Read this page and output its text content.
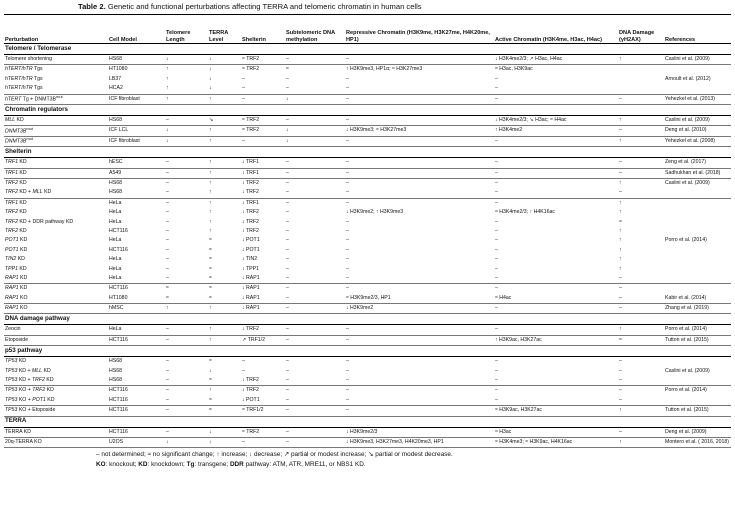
Table 2. Genetic and functional perturbations affecting TERRA and telomeric chromatin in human cells
Perturbation	Cell Model	Telomere Length	TERRA Level	Shelterin	Subtelomeric DNA methylation	Repressive Chromatin (H3K9me, H3K27me, H4K20me, HP1)	Active Chromatin (H3K4me, H3ac, H4ac)	DNA Damage (γH2AX)	References
Telomere / Telomerase									
Telomere shortening	HS68	↓	↓	≈ TRF2	–	–	↓ H3K4me2/3; ↗ H3ac, H4ac	↑	Caslini et al. (2009)
hTERT/hTR Tgs	HT1080	↑	↓	≈ TRF2	≈	↑ H3K9me3, HP1α; ≈ H3K27me3	≈ H3ac, H3K9ac		
hTERT/hTR Tgs	LB37	↑	↓	–	–	–	–		Arnoult et al. (2012)
hTERT/hTR Tgs	HCA2	↑	↓	–	–	–	–		
hTERT $Tg + DNMT3B^{mut}$	ICF fibroblast	↑	↑	–	↓	–	–	–	Yehezkel et al. (2013)
Chromatin regulators									
MLL KD	HS68	–	↘	≈ TRF2	–	–	↓ H3K4me2/3; ↘ H3ac; ≈ H4ac	↑	Caslini et al. (2009)
$DNMT3B^{mut}$	ICF LCL	↓	↑	≈ TRF2	↓	↓ H3K9me3; ≈ H3K27me3	↑ H3K4me2	–	Deng et al. (2010)
$DNMT3B^{mut}$	ICF fibroblast	↓	↑	–	↓	–	–	↑	Yehezkel et al. (2008)
Shelterin									
TRF1 KD	hESC	–	↑	↓ TRF1	–	–	–	–	Zeng et al. (2017)
TRF1 KD	A549	–	↑	↓ TRF1	–	–	–	–	Sadhukhan et al. (2018)
TRF2 KD	HS68	–	↑	↓ TRF2	–	–	–	↑	Caslini et al. (2009)
TRF2 KD + MLL KD	HS68	–	↑	↓ TRF2	–	–	–	–	
TRF1 KD	HeLa	–	↑	↓ TRF1	–	–	–	↑	
TRF2 KD	HeLa	–	↑	↓ TRF2	–	↓ H3K9me2; ↑ H3K9me3	≈ H3K4me2/3; ↑ H4K16ac	↑	
TRF2 KD + DDR pathway KD	HeLa	–	↑	↓ TRF2	–	–	–	≈	
TRF2 KD	HCT116	–	↑	↓ TRF2	–	–	–	↑	
POT1 KD	HeLa	–	≈	↓ POT1	–	–	–	↑	Porro et al. (2014)
POT1 KD	HCT116	–	≈	↓ POT1	–	–	–	↑	
TIN2 KD	HeLa	–	≈	↓ TIN2	–	–	–	↑	
TPP1 KD	HeLa	–	≈	↓ TPP1	–	–	–	↑	
RAP1 KD	HeLa	–	≈	↓ RAP1	–	–	–	–	
RAP1 KD	HCT116	≈	≈	↓ RAP1	–	–	–	–	
RAP1 KO	HT1080	≈	≈	↓ RAP1	–	≈ H3K9me2/3, HP1	≈ H4ac	–	Kabir et al. (2014)
RAP1 KO	hMSC	↑	↑	↓ RAP1	–	↓ H3K9me2	–	–	Zhang et al. (2019)
DNA damage pathway									
Zeocin	HeLa	–	↑	↓ TRF2	–	–	–	↑	Porro et al. (2014)
Etoposide	HCT116	–	↑	↗ TRF1/2	–	–	↑ H3K9ac, H3K27ac	≈	Tutton et al. (2015)
p53 pathway									
TP53 KD	HS68	–	≈	–	–	–	–	–	
TP53 KD + MLL KD	HS68	–	↓	–	–	–	–	–	Caslini et al. (2009)
TP53 KD + TRF2 KD	HS68	–	≈	↓ TRF2	–	–	–	–	
TP53 KO + TRF2 KD	HCT116	–	↑	↓ TRF2	–	–	–	–	Porro et al. (2014)
TP53 KO + POT1 KD	HCT116	–	≈	↓ POT1	–	–	–	–	
TP53 KO + Etoposide	HCT116	–	≈	≈ TRF1/2	–	–	≈ H3K9ac, H3K27ac	↑	Tutton et al. (2015)
TERRA									
TERRA KD	HCT116	–	↓	≈ TRF2	–	↓ H3K9me2/3	≈ H3ac	–	Deng et al. (2009)
20q-TERRA KO	U2OS	↓	↓	–	–	↓ H3K9me3, H3K27me3, H4K20me3, HP1	≈ H3K4me3; ≈ H3K9ac, H4K16ac	↑	Montero et al. ( 2016, 2018)
– not determined; ≈ no significant change; ↑ increase; ↓ decrease; ↗ partial or modest increase; ↘ partial or modest decrease.
KO: knockout; KD: knockdown; Tg: transgene; DDR pathway: ATM, ATR, MRE11, or NBS1 KD.
